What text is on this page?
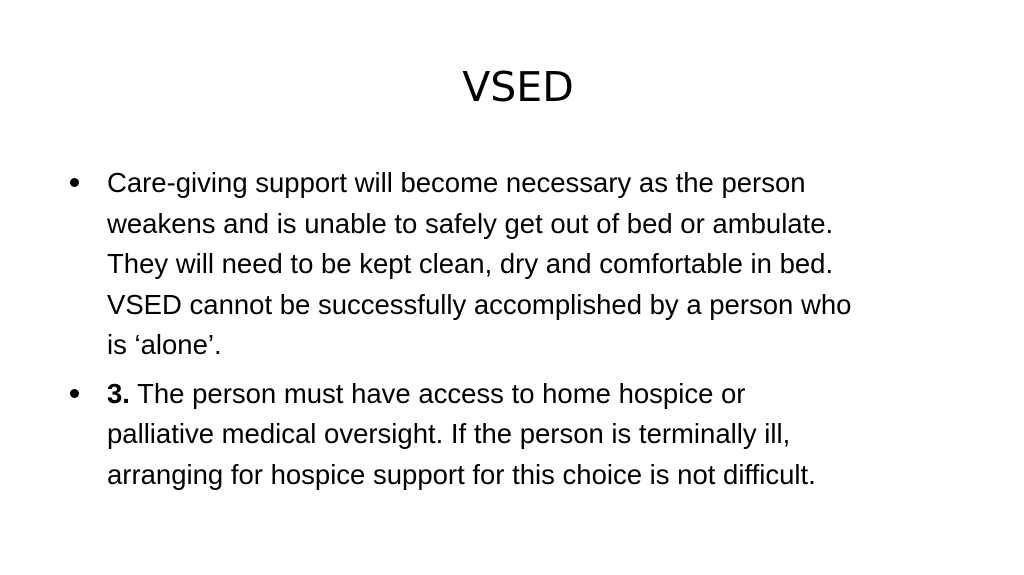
VSED
Care-giving support will become necessary as the person
weakens and is unable to safely get out of bed or ambulate.
They will need to be kept clean, dry and comfortable in bed.
VSED cannot be successfully accomplished by a person who
is ‘alone’.
3. The person must have access to home hospice or
palliative medical oversight. If the person is terminally ill,
arranging for hospice support for this choice is not difficult.
